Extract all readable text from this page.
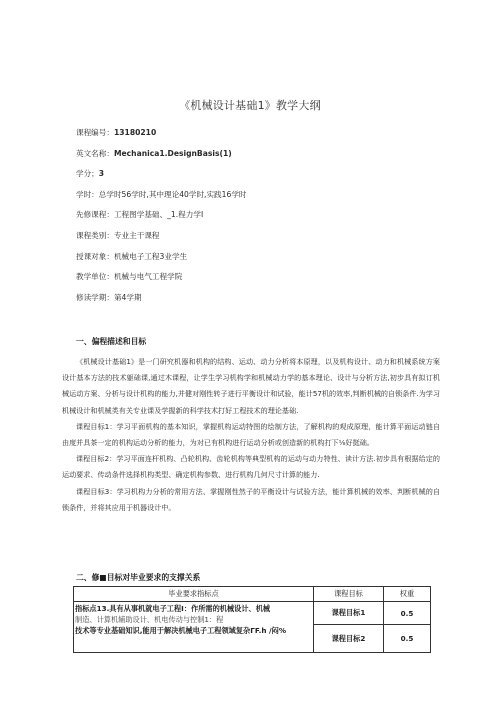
《机械设计基础1》教学大纲
课程编号：13180210
英文名称：Mechanica1.DesignBasis(1)
学分；3
学时：总学时56学时,其中理论40学时,实践16学时
先修课程：工程图学基础、_1.程力学I
课程类别：专业主干课程
授课对象：机械电子工程3业学生
教学单位：机械与电气工程学院
修读学期：第4学期
一、偏程描述和目标

《机械设计基础1》是一门研究机器和机构的结构、运动、动力分析将本原理，以及机构设计、动力和机械系统方案设计基本方法的技术躯础课,通过木课程，让学生学习机构学和机械动力学的基本理论、设计与分析方法,初步具有拟订机械运动方案、分析与设计机构的能力,并健对刚性转子进行平衡设计和试验，能计57机的效率,判断机械的自锁条件.为学习机械设计和机械类有关专业课及学握新的科学技术打好工程技术的理论基础.

课程目标1：学习平面机构的基本知识，掌握机构运动特图的绘制方法，了解机构的观成原理，能计算平面运动链自由度并具茶一定的机构运动分析的能力，为对已有机构进行运动分析或创造新的机构打下⅛好挺础。

课程目标2：学习平面连杆机构、凸轮机构、齿轮机构等典型机构的运动与动力特性、读计方法.初步具有根据给定的运动要求、传动条件选择机构类型、确定机构参数、进行机构几何尺寸计算的能力.

课程目标3：学习机构力分析的常用方法、掌握刚性然子的平衡设计与试验方法，能计算机械的效率、判断机械的自锁条件，并将其应用于机器设计中。

二、修■目标对毕业要求的支撑关系
毕业要求指标点	课程目标	权重

指标点13.具有从事机就电子工程I：作所需的机械设计、机械
制造、计算机辅助设计、机电传动与控制1：程
技术等专业基础知识,能用于解决机械电子工程领域复杂ΓF.h /闷%	课程目标1	0.5
	课程目标2	0.5
